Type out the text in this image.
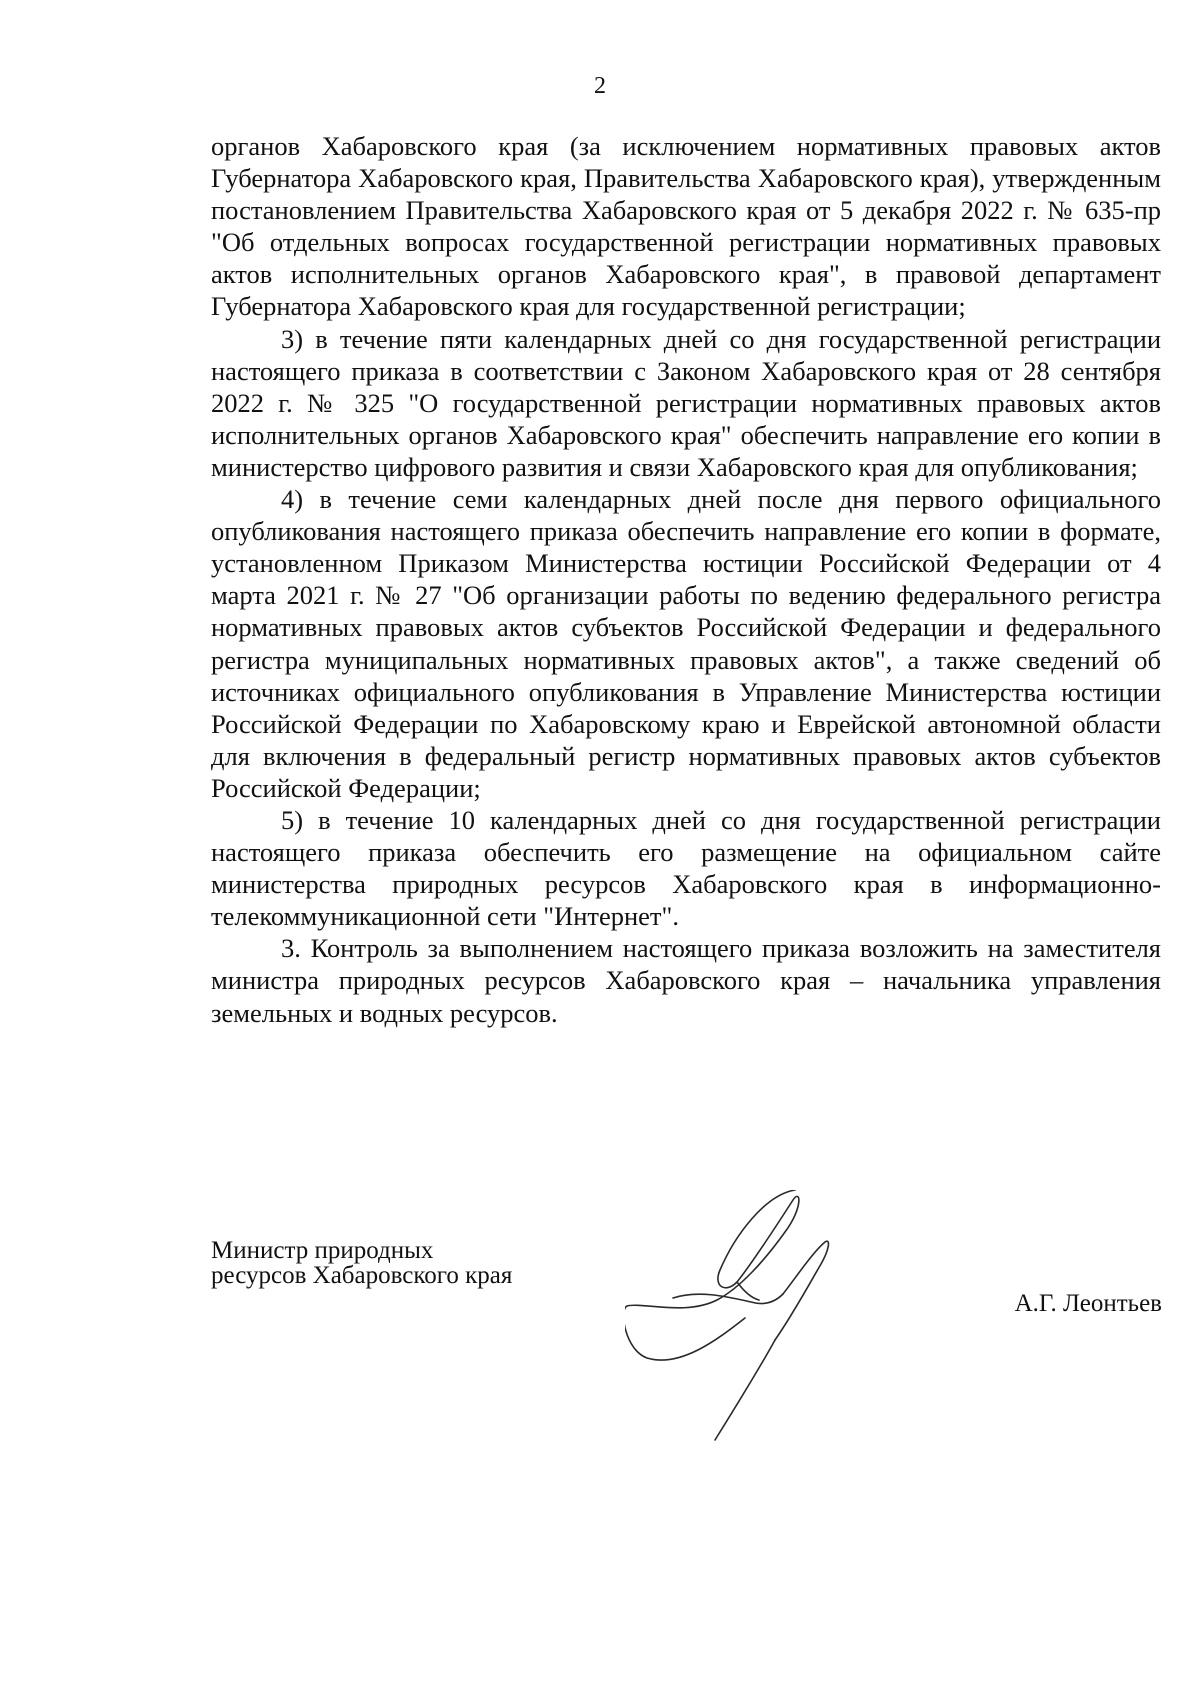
2

органов Хабаровского края (за исключением нормативных правовых актов Губернатора Хабаровского края, Правительства Хабаровского края), утвержденным постановлением Правительства Хабаровского края от 5 декабря 2022 г. № 635-пр "Об отдельных вопросах государственной регистрации нормативных правовых актов исполнительных органов Хабаровского края", в правовой департамент Губернатора Хабаровского края для государственной регистрации;

3) в течение пяти календарных дней со дня государственной регистрации настоящего приказа в соответствии с Законом Хабаровского края от 28 сентября 2022 г. № 325 "О государственной регистрации нормативных правовых актов исполнительных органов Хабаровского края" обеспечить направление его копии в министерство цифрового развития и связи Хабаровского края для опубликования;

4) в течение семи календарных дней после дня первого официального опубликования настоящего приказа обеспечить направление его копии в формате, установленном Приказом Министерства юстиции Российской Федерации от 4 марта 2021 г. № 27 "Об организации работы по ведению федерального регистра нормативных правовых актов субъектов Российской Федерации и федерального регистра муниципальных нормативных правовых актов", а также сведений об источниках официального опубликования в Управление Министерства юстиции Российской Федерации по Хабаровскому краю и Еврейской автономной области для включения в федеральный регистр нормативных правовых актов субъектов Российской Федерации;

5) в течение 10 календарных дней со дня государственной регистрации настоящего приказа обеспечить его размещение на официальном сайте министерства природных ресурсов Хабаровского края в информационно-телекоммуникационной сети "Интернет".

3. Контроль за выполнением настоящего приказа возложить на заместителя министра природных ресурсов Хабаровского края – начальника управления земельных и водных ресурсов.

Министр природных
ресурсов Хабаровского края
А.Г. Леонтьев
